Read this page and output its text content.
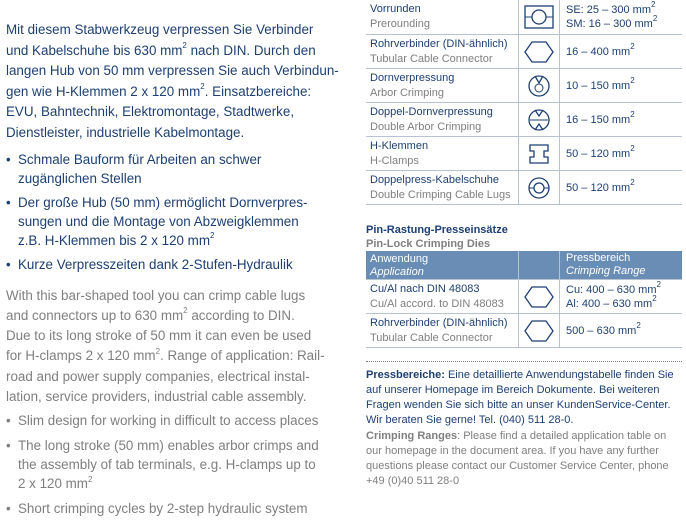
Mit diesem Stabwerkzeug verpressen Sie Verbinder
und Kabelschuhe bis 630 $mm^2$ nach DIN. Durch den
langen Hub von 50 mm verpressen Sie auch Verbindun-
gen wie H-Klemmen 2 x 120 $mm^2$. Einsatzbereiche:
EVU, Bahntechnik, Elektromontage, Stadtwerke,
Dienstleister, industrielle Kabelmontage.

• Schmale Bauform für Arbeiten an schwer
zugänglichen Stellen
• Der große Hub (50 mm) ermöglicht Dornverpres-
sungen und die Montage von Abzweigklemmen
z.B. H-Klemmen bis 2 x 120 $mm^2$
• Kurze Verpresszeiten dank 2-Stufen-Hydraulik

With this bar-shaped tool you can crimp cable lugs
and connectors up to 630 $mm^2$ according to DIN.
Due to its long stroke of 50 mm it can even be used
for H-clamps 2 x 120 $mm^2$. Range of application: Rail-
road and power supply companies, electrical instal-
lation, service providers, industrial cable assembly.

• Slim design for working in difficult to access places
• The long stroke (50 mm) enables arbor crimps and
the assembly of tab terminals, e.g. H-clamps up to
2 x 120 $mm^2$
• Short crimping cycles by 2-step hydraulic system
Vorrunden
Prerounding
SE: 25 – 300 $mm^2$
SM: 16 – 300 $mm^2$
Rohrverbinder (DIN-ähnlich)
Tubular Cable Connector
16 – 400 $mm^2$
Dornverpressung
Arbor Crimping
10 – 150 $mm^2$
Doppel-Dornverpressung
Double Arbor Crimping
16 – 150 $mm^2$
H-Klemmen
H-Clamps
50 – 120 $mm^2$
Doppelpress-Kabelschuhe
Double Crimping Cable Lugs
50 – 120 $mm^2$
Pin-Rastung-Presseinsätze
Pin-Lock Crimping Dies
Anwendung
Application
Pressbereich
Crimping Range
Cu/Al nach DIN 48083
Cu/Al accord. to DIN 48083
Cu: 400 – 630 $mm^2$
Al: 400 – 630 $mm^2$
Rohrverbinder (DIN-ähnlich)
Tubular Cable Connector
500 – 630 $mm^2$
Pressbereiche: Eine detaillierte Anwendungstabelle finden Sie auf unserer Homepage im Bereich Dokumente. Bei weiteren Fragen wenden Sie sich bitte an unser KundenService-Center. Wir beraten Sie gerne! Tel. (040) 511 28-0.
Crimping Ranges: Please find a detailed application table on our homepage in the document area. If you have any further questions please contact our Customer Service Center, phone +49 (0)40 511 28-0
